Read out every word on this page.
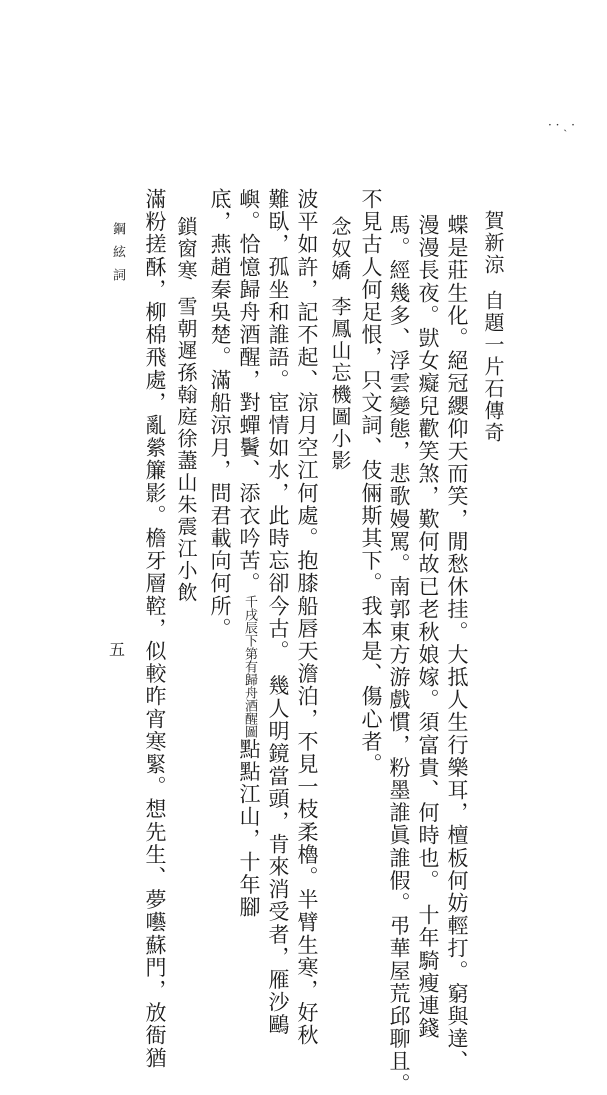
· · ˎ ·
賀新涼自題一片石傳奇
蝶是莊生化。絕冠纓仰天而笑，閒愁休挂。大抵人生行樂耳，檀板何妨輕打。窮與達、
漫漫長夜。獃女癡兒歡笑煞，歎何故已老秋娘嫁。須富貴、何時也。　十年騎瘦連錢
馬。經幾多、浮雲變態，悲歌嫚罵。南郭東方游戲慣，粉墨誰眞誰假。弔華屋荒邱聊且。
不見古人何足恨，只文詞、伎倆斯其下。我本是、傷心者。
念奴嬌李鳳山忘機圖小影
波平如許，記不起、涼月空江何處。抱膝船唇天澹泊，不見一枝柔櫓。半臂生寒，好秋
難臥，孤坐和誰語。宦情如水，此時忘卻今古。　幾人明鏡當頭，肯來消受者，雁沙鷗
嶼。恰憶歸舟酒醒，對蟬鬢、添衣吟苦。千戌辰下第有歸舟酒醒圖點點江山，十年腳
底，燕趙秦吳楚。滿船涼月，問君載向何所。
鎖窗寒雪朝遲孫翰庭徐藎山朱震江小飲
滿粉搓酥，柳棉飛處，亂縈簾影。檐牙層鞚，似較昨宵寒緊。想先生、夢囈蘇門，放衙猶
鋼絃詞
五
